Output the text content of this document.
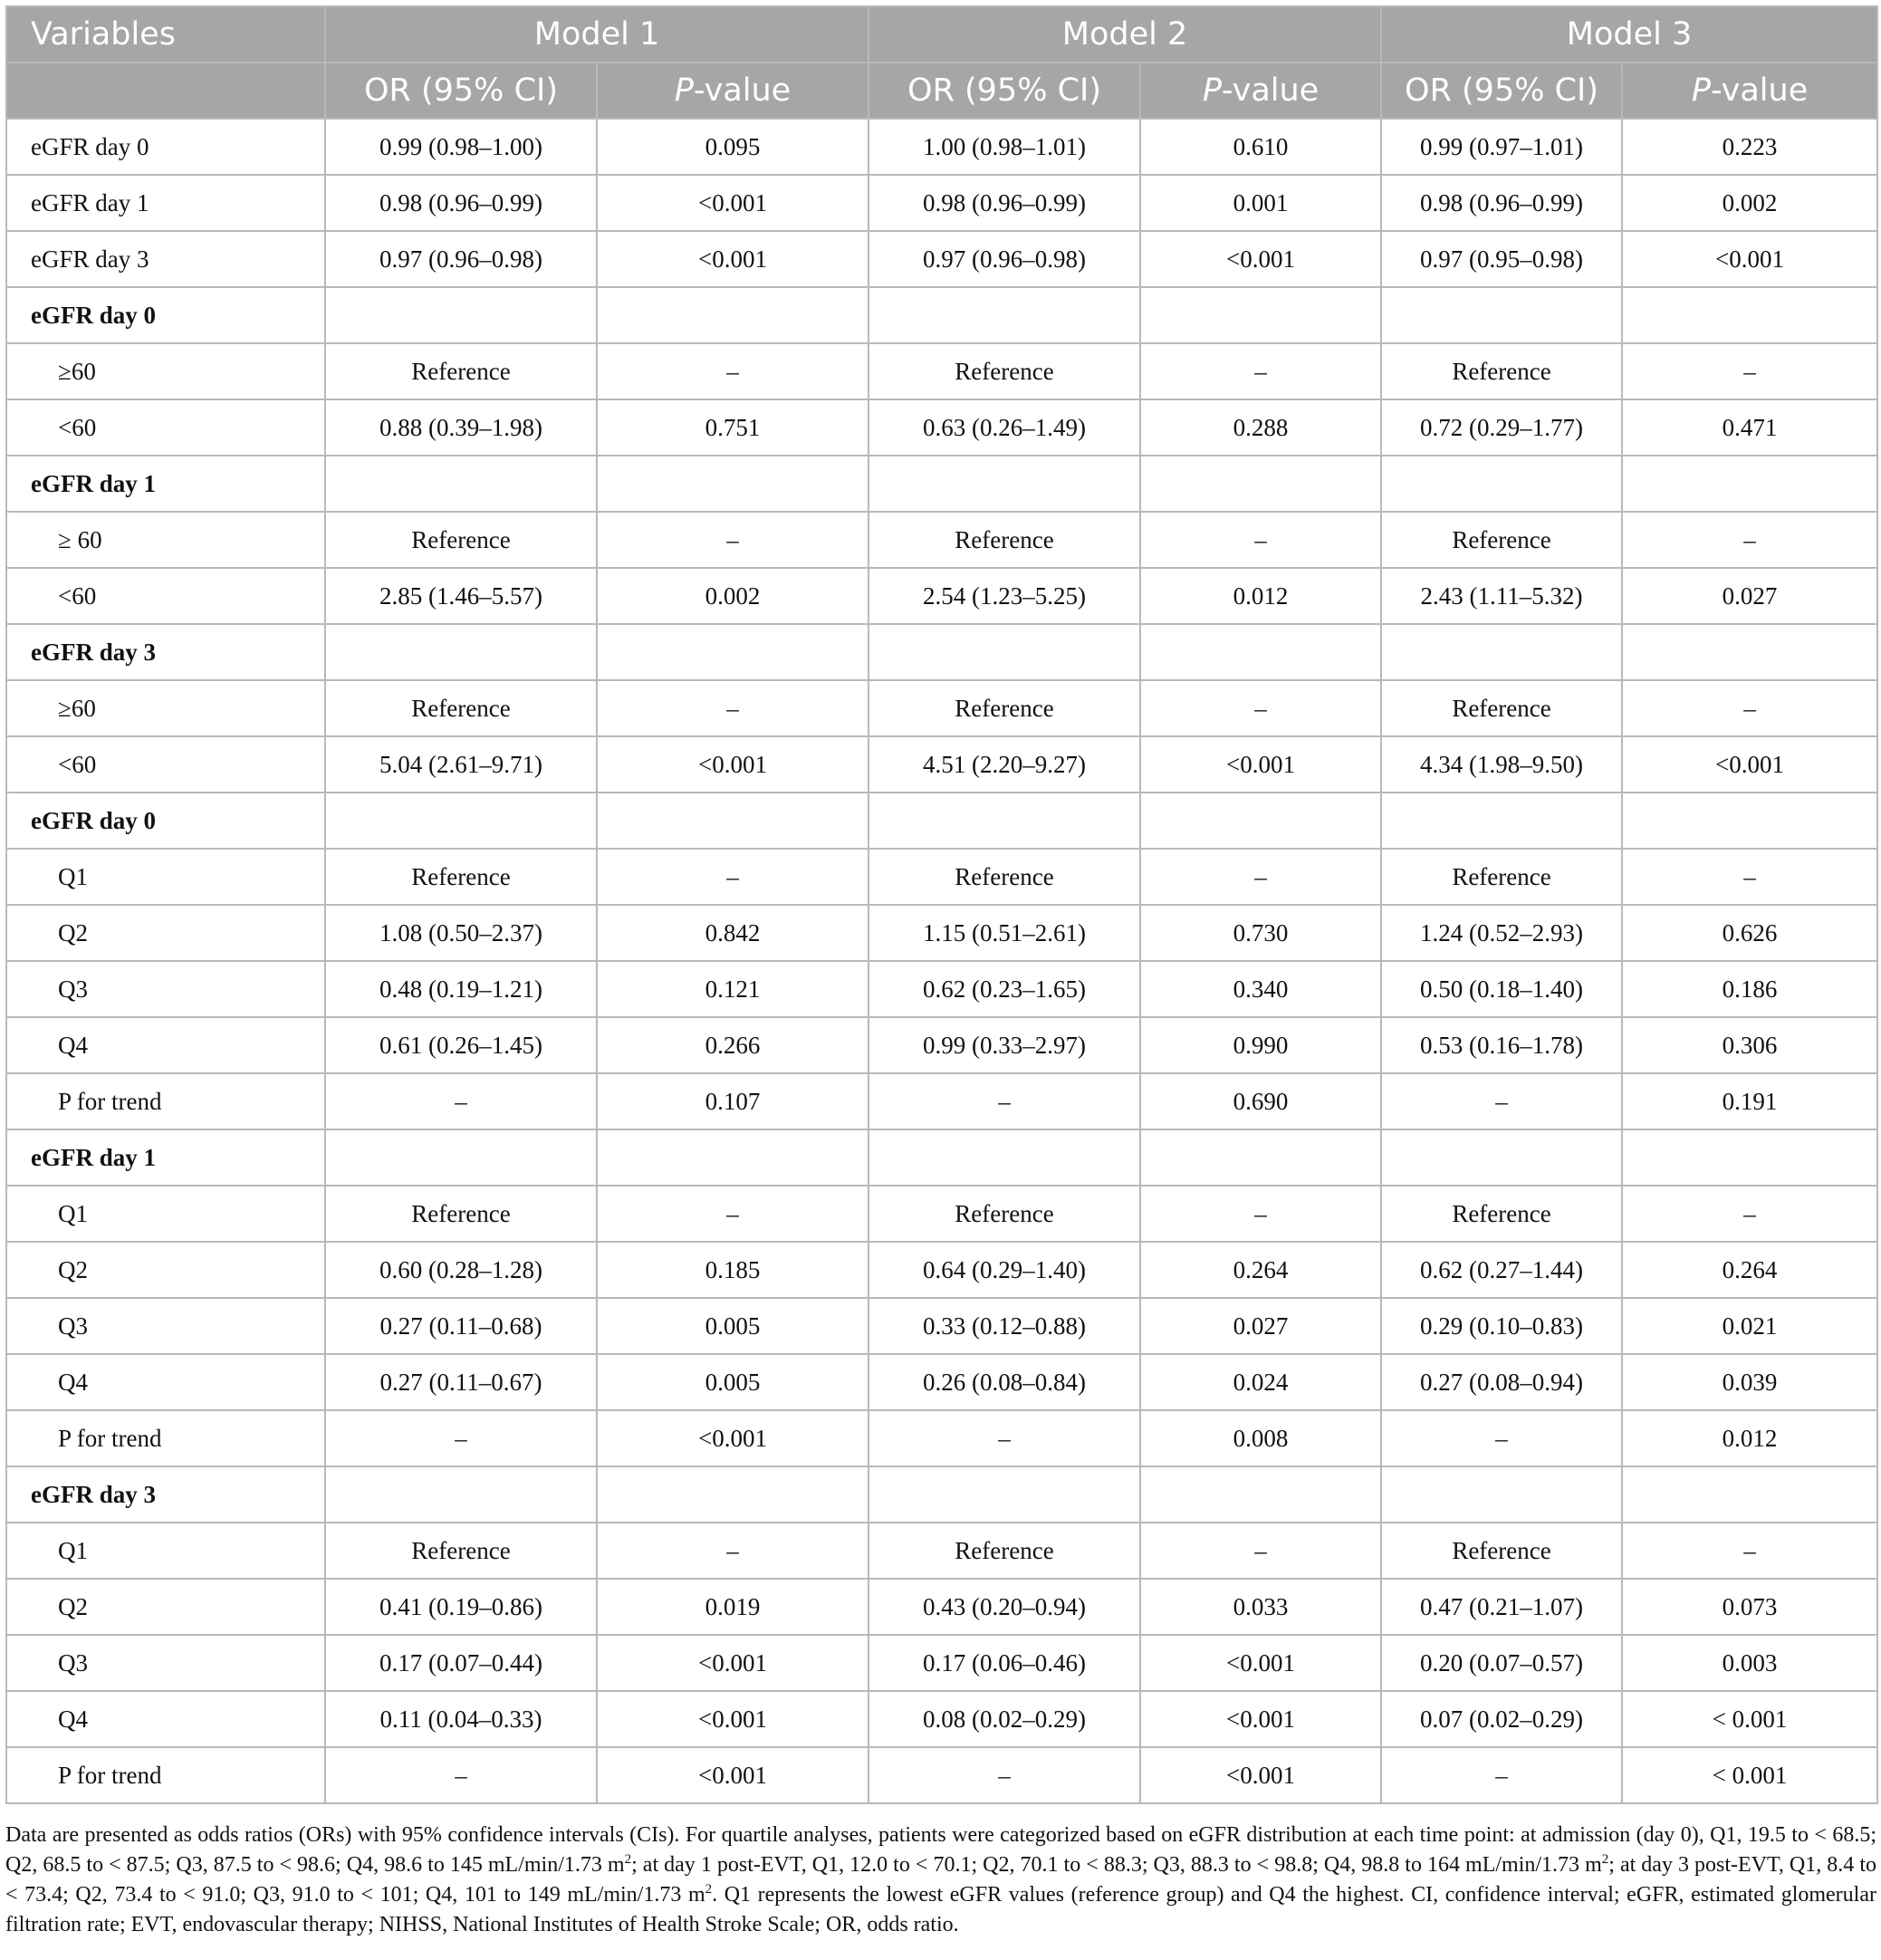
Variables	Model 1		Model 2		Model 3	
	OR (95% CI)	P-value	OR (95% CI)	P-value	OR (95% CI)	P-value
eGFR day 0	0.99 (0.98–1.00)	0.095	1.00 (0.98–1.01)	0.610	0.99 (0.97–1.01)	0.223
eGFR day 1	0.98 (0.96–0.99)	<0.001	0.98 (0.96–0.99)	0.001	0.98 (0.96–0.99)	0.002
eGFR day 3	0.97 (0.96–0.98)	<0.001	0.97 (0.96–0.98)	<0.001	0.97 (0.95–0.98)	<0.001
eGFR day 0						
≥60	Reference	–	Reference	–	Reference	–
<60	0.88 (0.39–1.98)	0.751	0.63 (0.26–1.49)	0.288	0.72 (0.29–1.77)	0.471
eGFR day 1						
≥ 60	Reference	–	Reference	–	Reference	–
<60	2.85 (1.46–5.57)	0.002	2.54 (1.23–5.25)	0.012	2.43 (1.11–5.32)	0.027
eGFR day 3						
≥60	Reference	–	Reference	–	Reference	–
<60	5.04 (2.61–9.71)	<0.001	4.51 (2.20–9.27)	<0.001	4.34 (1.98–9.50)	<0.001
eGFR day 0						
Q1	Reference	–	Reference	–	Reference	–
Q2	1.08 (0.50–2.37)	0.842	1.15 (0.51–2.61)	0.730	1.24 (0.52–2.93)	0.626
Q3	0.48 (0.19–1.21)	0.121	0.62 (0.23–1.65)	0.340	0.50 (0.18–1.40)	0.186
Q4	0.61 (0.26–1.45)	0.266	0.99 (0.33–2.97)	0.990	0.53 (0.16–1.78)	0.306
P for trend	–	0.107	–	0.690	–	0.191
eGFR day 1						
Q1	Reference	–	Reference	–	Reference	–
Q2	0.60 (0.28–1.28)	0.185	0.64 (0.29–1.40)	0.264	0.62 (0.27–1.44)	0.264
Q3	0.27 (0.11–0.68)	0.005	0.33 (0.12–0.88)	0.027	0.29 (0.10–0.83)	0.021
Q4	0.27 (0.11–0.67)	0.005	0.26 (0.08–0.84)	0.024	0.27 (0.08–0.94)	0.039
P for trend	–	<0.001	–	0.008	–	0.012
eGFR day 3						
Q1	Reference	–	Reference	–	Reference	–
Q2	0.41 (0.19–0.86)	0.019	0.43 (0.20–0.94)	0.033	0.47 (0.21–1.07)	0.073
Q3	0.17 (0.07–0.44)	<0.001	0.17 (0.06–0.46)	<0.001	0.20 (0.07–0.57)	0.003
Q4	0.11 (0.04–0.33)	<0.001	0.08 (0.02–0.29)	<0.001	0.07 (0.02–0.29)	< 0.001
P for trend	–	<0.001	–	<0.001	–	< 0.001
Data are presented as odds ratios (ORs) with 95% confidence intervals (CIs). For quartile analyses, patients were categorized based on eGFR distribution at each time point: at admission (day 0), Q1, 19.5 to < 68.5; Q2, 68.5 to < 87.5; Q3, 87.5 to < 98.6; Q4, 98.6 to 145 mL/min/1.73 $m^2$; at day 1 post-EVT, Q1, 12.0 to < 70.1; Q2, 70.1 to < 88.3; Q3, 88.3 to < 98.8; Q4, 98.8 to 164 mL/min/1.73 $m^2$; at day 3 post-EVT, Q1, 8.4 to < 73.4; Q2, 73.4 to < 91.0; Q3, 91.0 to < 101; Q4, 101 to 149 mL/min/1.73 $m^2$. Q1 represents the lowest eGFR values (reference group) and Q4 the highest. CI, confidence interval; eGFR, estimated glomerular filtration rate; EVT, endovascular therapy; NIHSS, National Institutes of Health Stroke Scale; OR, odds ratio.
